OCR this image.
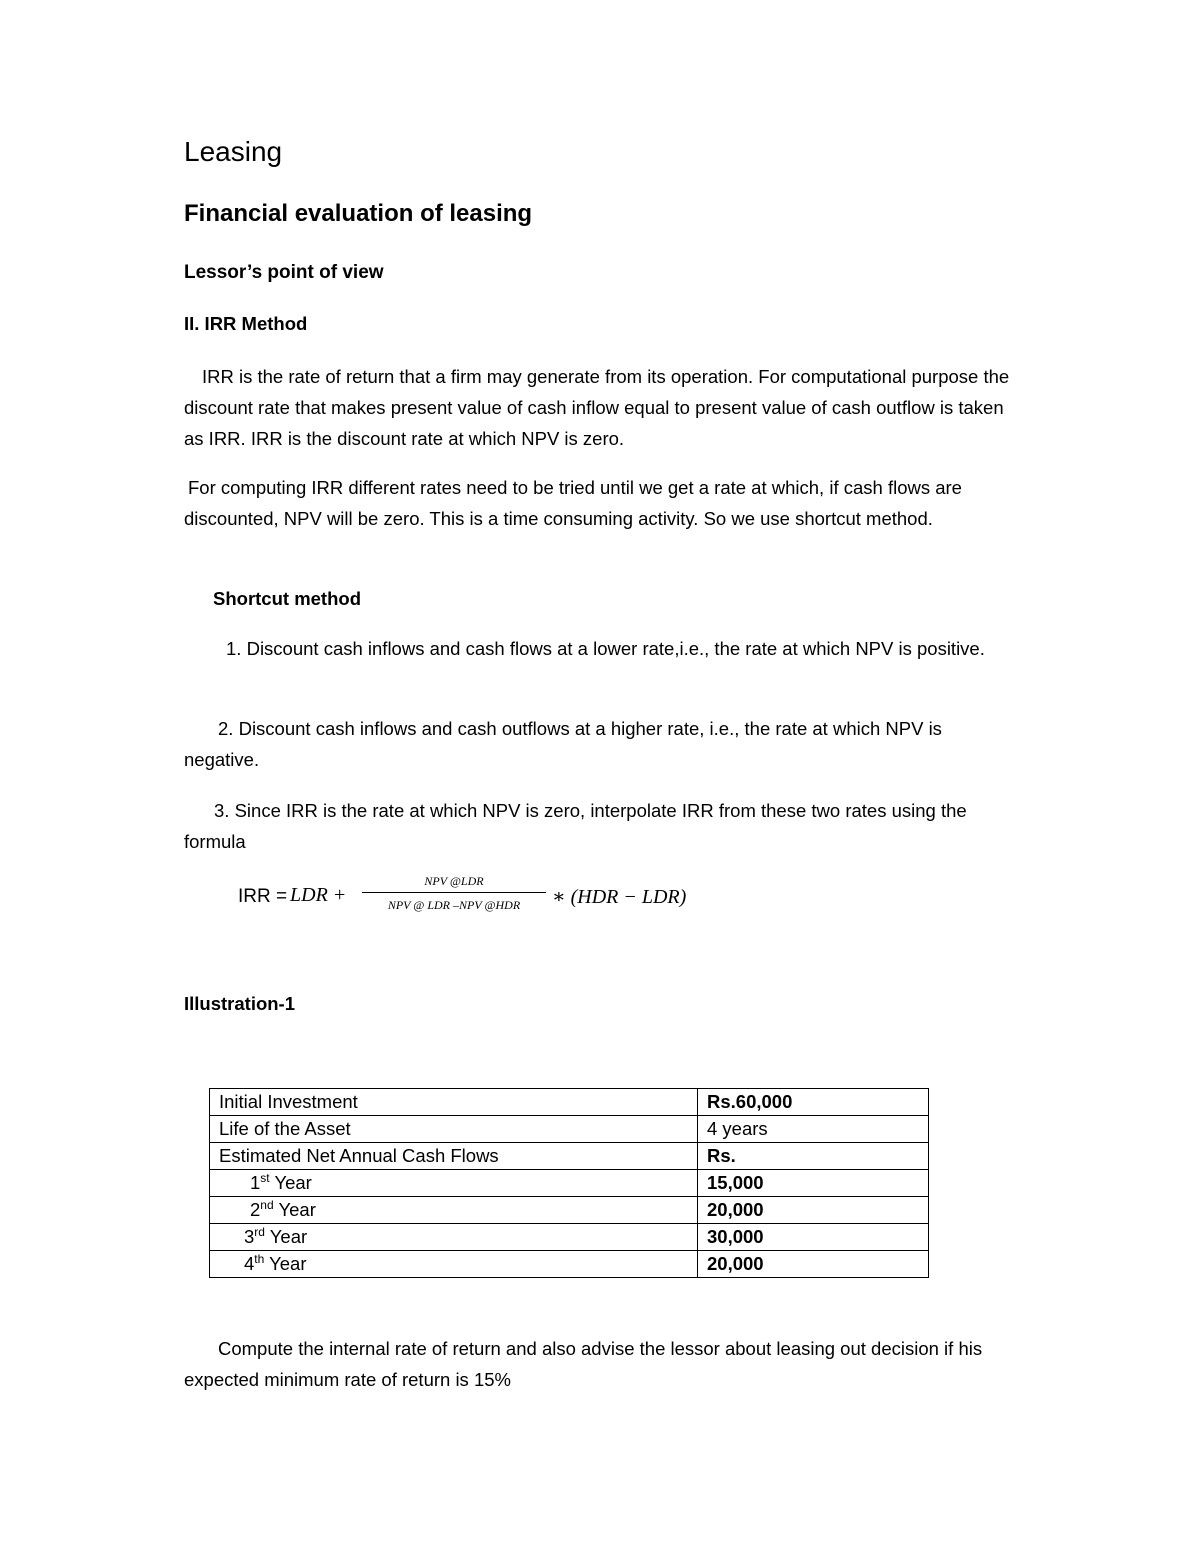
Leasing
Financial evaluation of leasing
Lessor’s point of view
II. IRR Method
IRR is the rate of return that a firm may generate from its operation. For computational purpose the discount rate that makes present value of cash inflow equal to present value of cash outflow is taken as IRR. IRR is the discount rate at which NPV is zero.
For computing IRR different rates need to be tried until we get a rate at which, if cash flows are discounted, NPV will be zero. This is a time consuming activity. So we use shortcut method.
Shortcut method
1. Discount cash inflows and cash flows at a lower rate,i.e., the rate at which NPV is positive.
2. Discount cash inflows and cash outflows at a higher rate, i.e., the rate at which NPV is negative.
3. Since IRR is the rate at which NPV is zero, interpolate IRR from these two rates using the formula
IRR = LDR +
NPV @LDR
NPV @ LDR –NPV @HDR	∗ (HDR − LDR)
Illustration-1
Initial Investment	Rs.60,000
Life of the Asset	4 years
Estimated Net Annual Cash Flows	Rs.
1st Year	15,000
2nd Year	20,000
3rd Year	30,000
4th Year	20,000
Compute the internal rate of return and also advise the lessor about leasing out decision if his expected minimum rate of return is 15%
